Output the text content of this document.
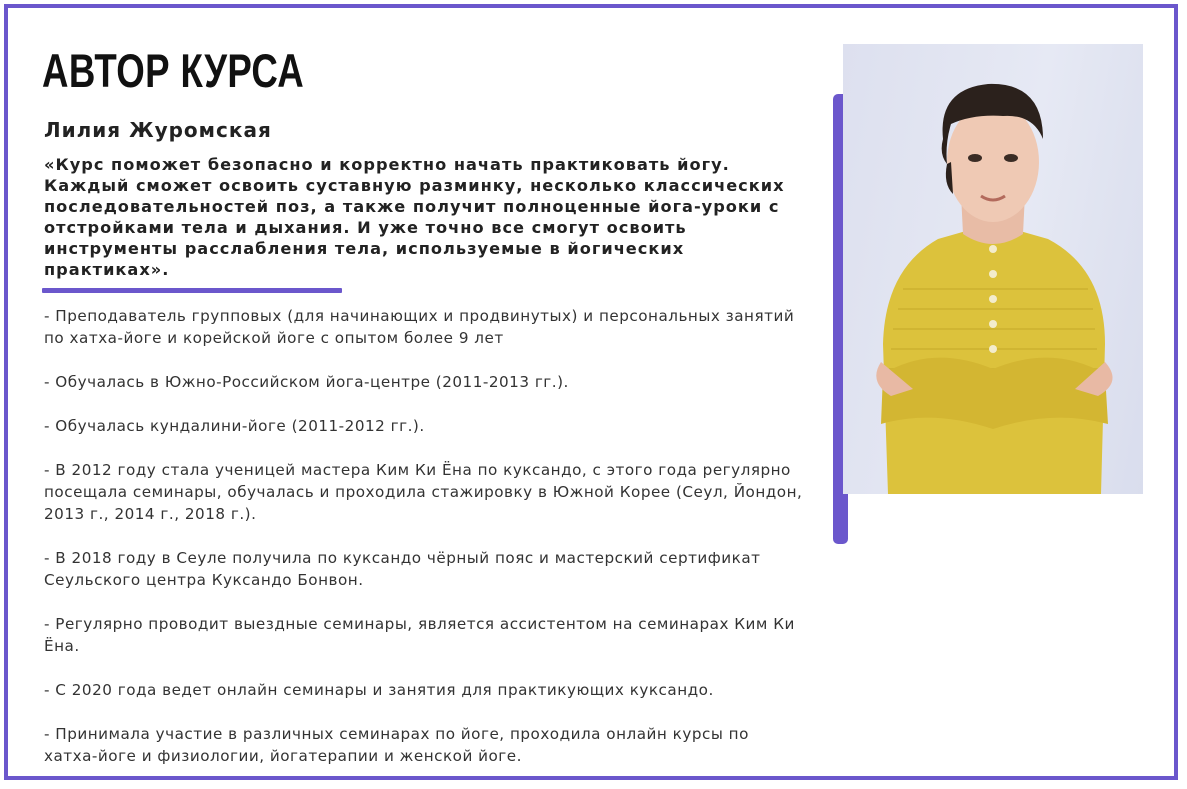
АВТОР КУРСА
Лилия Журомская

«Курс поможет безопасно и корректно начать практиковать йогу. Каждый сможет освоить суставную разминку, несколько классических последовательностей поз, а также получит полноценные йога-уроки с отстройками тела и дыхания. И уже точно все смогут освоить инструменты расслабления тела, используемые в йогических практиках».

- Преподаватель групповых (для начинающих и продвинутых) и персональных занятий по хатха-йоге и корейской йоге с опытом более 9 лет
- Обучалась в Южно-Российском йога-центре (2011-2013 гг.).
- Обучалась кундалини-йоге (2011-2012 гг.).
- В 2012 году стала ученицей мастера Ким Ки Ёна по куксандо, с этого года регулярно посещала семинары, обучалась и проходила стажировку в Южной Корее (Сеул, Йондон, 2013 г., 2014 г., 2018 г.).
- В 2018 году в Сеуле получила по куксандо чёрный пояс и мастерский сертификат Сеульского центра Куксандо Бонвон.
- Регулярно проводит выездные семинары, является ассистентом на семинарах Ким Ки Ёна.
- С 2020 года ведет онлайн семинары и занятия для практикующих куксандо.
- Принимала участие в различных семинарах по йоге, проходила онлайн курсы по хатха-йоге и физиологии, йогатерапии и женской йоге.
